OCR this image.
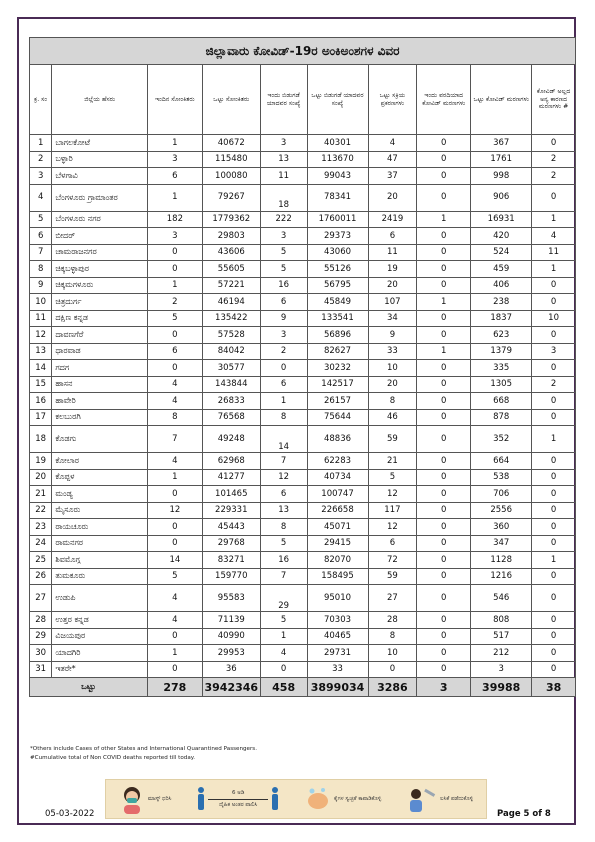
ಜಿಲ್ಲಾವಾರು ಕೋವಿಡ್-19ರ ಅಂಕಿಅಂಶಗಳ ವಿವರ									
ಕ್ರ. ಸಂ	ಜಿಲ್ಲೆಯ ಹೆಸರು	ಇಂದಿನ ಸೋಂಕಿತರು	ಒಟ್ಟು ಸೋಂಕಿತರು	ಇಂದು ಬಿಡುಗಡೆ ಯಾದವರ ಸಂಖ್ಯೆ	ಒಟ್ಟು ಬಿಡುಗಡೆ ಯಾದವರ ಸಂಖ್ಯೆ	ಒಟ್ಟು ಸಕ್ರಿಯ ಪ್ರಕರಣಗಳು	ಇಂದು ವರದಿಯಾದ ಕೋವಿಡ್ ಮರಣಗಳು	ಒಟ್ಟು ಕೋವಿಡ್ ಮರಣಗಳು	ಕೋವಿಡ್ ಅಲ್ಲದ ಅನ್ಯ ಕಾರಣದ ಮರಣಗಳು #
1	ಬಾಗಲಕೋಟೆ	1	40672	3	40301	4	0	367	0
2	ಬಳ್ಳಾರಿ	3	115480	13	113670	47	0	1761	2
3	ಬೆಳಗಾವಿ	6	100080	11	99043	37	0	998	2
4	ಬೆಂಗಳೂರು ಗ್ರಾಮಾಂತರ	1	79267	18	78341	20	0	906	0
5	ಬೆಂಗಳೂರು ನಗರ	182	1779362	222	1760011	2419	1	16931	1
6	ಬೀದರ್	3	29803	3	29373	6	0	420	4
7	ಚಾಮರಾಜನಗರ	0	43606	5	43060	11	0	524	11
8	ಚಿಕ್ಕಬಳ್ಳಾಪುರ	0	55605	5	55126	19	0	459	1
9	ಚಿಕ್ಕಮಗಳೂರು	1	57221	16	56795	20	0	406	0
10	ಚಿತ್ರದುರ್ಗ	2	46194	6	45849	107	1	238	0
11	ದಕ್ಷಿಣ ಕನ್ನಡ	5	135422	9	133541	34	0	1837	10
12	ದಾವಣಗೆರೆ	0	57528	3	56896	9	0	623	0
13	ಧಾರವಾಡ	6	84042	2	82627	33	1	1379	3
14	ಗದಗ	0	30577	0	30232	10	0	335	0
15	ಹಾಸನ	4	143844	6	142517	20	0	1305	2
16	ಹಾವೇರಿ	4	26833	1	26157	8	0	668	0
17	ಕಲಬುರಗಿ	8	76568	8	75644	46	0	878	0
18	ಕೊಡಗು	7	49248	14	48836	59	0	352	1
19	ಕೋಲಾರ	4	62968	7	62283	21	0	664	0
20	ಕೊಪ್ಪಳ	1	41277	12	40734	5	0	538	0
21	ಮಂಡ್ಯ	0	101465	6	100747	12	0	706	0
22	ಮೈಸೂರು	12	229331	13	226658	117	0	2556	0
23	ರಾಯಚೂರು	0	45443	8	45071	12	0	360	0
24	ರಾಮನಗರ	0	29768	5	29415	6	0	347	0
25	ಶಿವಮೊಗ್ಗ	14	83271	16	82070	72	0	1128	1
26	ತುಮಕೂರು	5	159770	7	158495	59	0	1216	0
27	ಉಡುಪಿ	4	95583	29	95010	27	0	546	0
28	ಉತ್ತರ ಕನ್ನಡ	4	71139	5	70303	28	0	808	0
29	ವಿಜಯಪುರ	0	40990	1	40465	8	0	517	0
30	ಯಾದಗಿರಿ	1	29953	4	29731	10	0	212	0
31	ಇತರೇ*	0	36	0	33	0	0	3	0
ಒಟ್ಟು		278	3942346	458	3899034	3286	3	39988	38
*Others include Cases of other States and International Quarantined Passengers.
#Cumulative total of Non COVID deaths reported till today.
ಮಾಸ್ಕ್ ಧರಿಸಿ
6 ಅಡಿ
ದೈಹಿಕ ಅಂತರ ಪಾಲಿಸಿ
ಕೈಗಳ ಸ್ವಚ್ಛತೆ ಕಾಪಾಡಿಕೊಳ್ಳಿ	ಲಸಿಕೆ ಪಡೆದುಕೊಳ್ಳಿ
05-03-2022	Page 5 of 8
